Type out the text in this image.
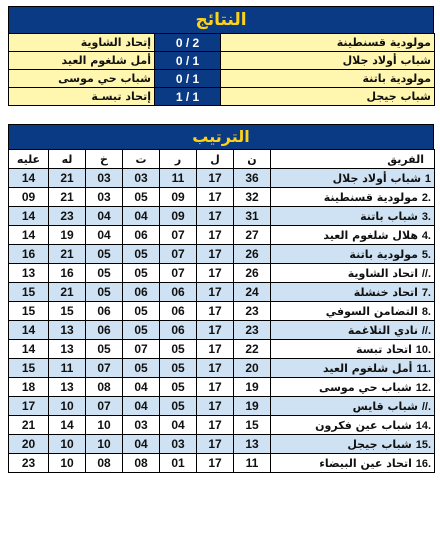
النتائج
إتحاد الشاوية	0 / 2	مولودية قسنطينة
أمل شلغوم العيد	0 / 1	شباب أولاد جلال
شباب حي موسى	0 / 1	مولودية باتنة
إتحاد تبسـة	1 / 1	شباب جيجل
الترتيب
عليه	له	خ	ت	ر	ل	ن	الفريق
14	21	03	03	11	17	36	1 شباب أولاد جلال
09	21	03	05	09	17	32	2. مولودية قسنطينة
14	23	04	04	09	17	31	3. شباب باتنة
14	19	04	06	07	17	27	4. هلال شلغوم العيد
16	21	05	05	07	17	26	5. مولودية باتنة
13	16	05	05	07	17	26	//. اتحاد الشاوية
15	21	05	06	06	17	24	7. اتحاد خنشلة
15	15	06	05	06	17	23	8. التضامن السوفي
14	13	06	05	06	17	23	//. نادي التلاغمة
14	13	05	07	05	17	22	10. اتحاد تبسة
15	11	07	05	05	17	20	11. أمل شلغوم العيد
18	13	08	04	05	17	19	12. شباب حي موسى
17	10	07	04	05	17	19	//. شباب قايس
21	14	10	03	04	17	15	14. شباب عين فكرون
20	10	10	04	03	17	13	15. شباب جيجل
23	10	08	08	01	17	11	16. اتحاد عين البيضاء
